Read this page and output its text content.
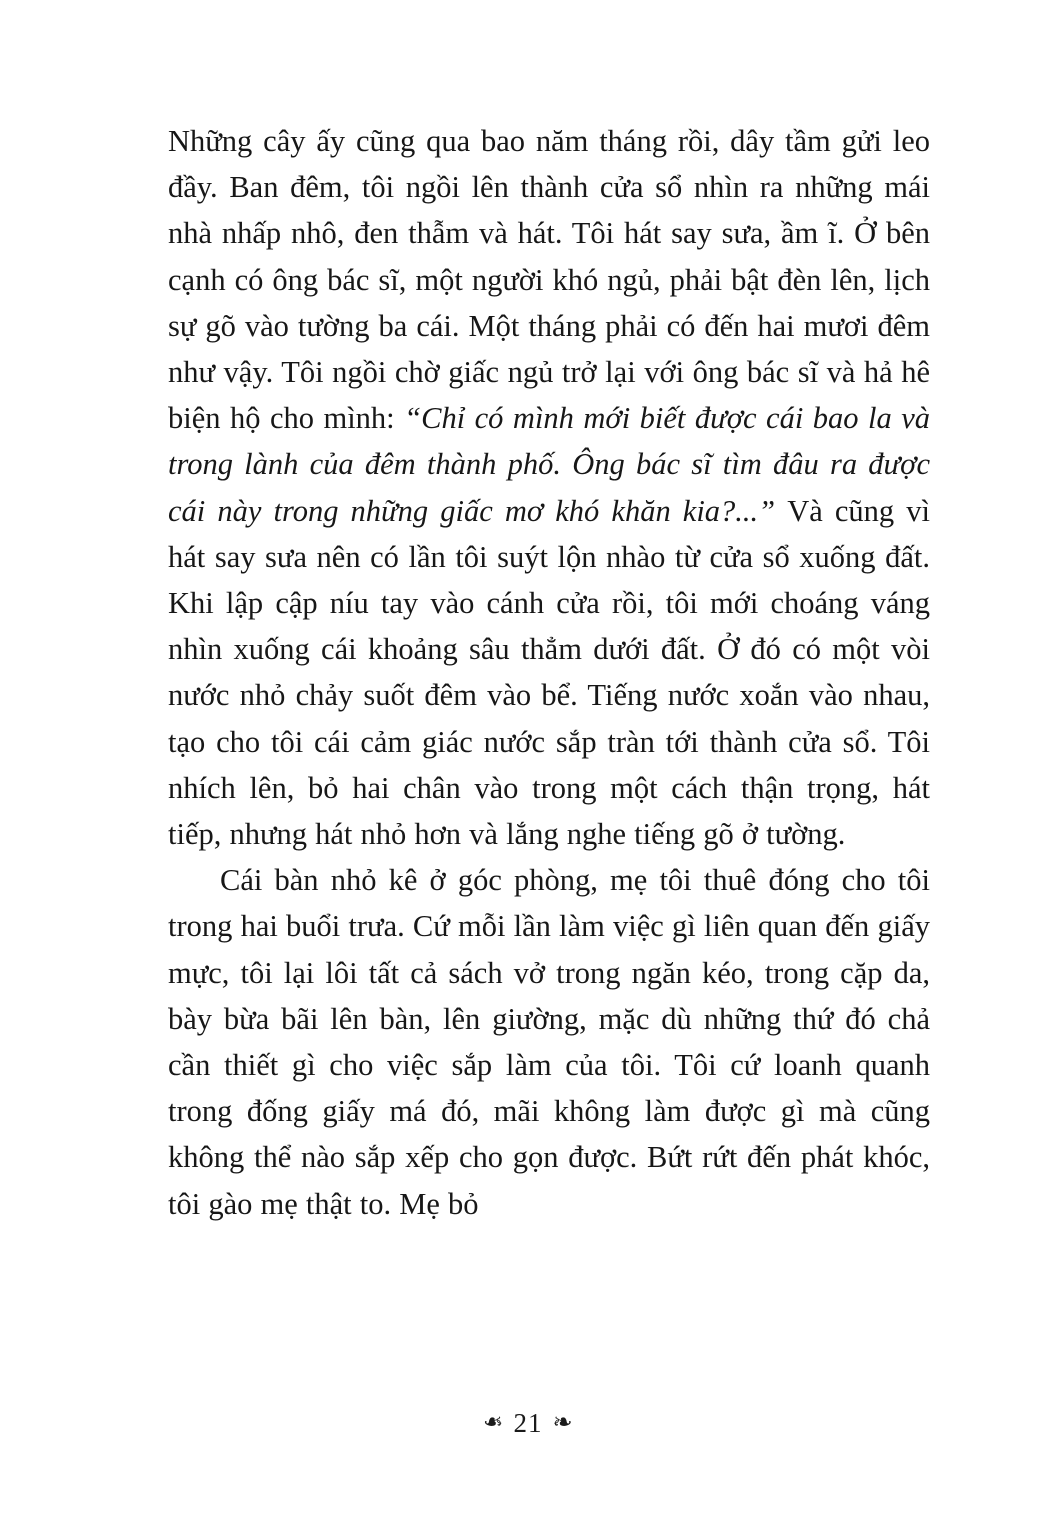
Những cây ấy cũng qua bao năm tháng rồi, dây tầm gửi leo đầy. Ban đêm, tôi ngồi lên thành cửa sổ nhìn ra những mái nhà nhấp nhô, đen thẫm và hát. Tôi hát say sưa, ầm ĩ. Ở bên cạnh có ông bác sĩ, một người khó ngủ, phải bật đèn lên, lịch sự gõ vào tường ba cái. Một tháng phải có đến hai mươi đêm như vậy. Tôi ngồi chờ giấc ngủ trở lại với ông bác sĩ và hả hê biện hộ cho mình: “Chỉ có mình mới biết được cái bao la và trong lành của đêm thành phố. Ông bác sĩ tìm đâu ra được cái này trong những giấc mơ khó khăn kia?...” Và cũng vì hát say sưa nên có lần tôi suýt lộn nhào từ cửa sổ xuống đất. Khi lập cập níu tay vào cánh cửa rồi, tôi mới choáng váng nhìn xuống cái khoảng sâu thẳm dưới đất. Ở đó có một vòi nước nhỏ chảy suốt đêm vào bể. Tiếng nước xoắn vào nhau, tạo cho tôi cái cảm giác nước sắp tràn tới thành cửa sổ. Tôi nhích lên, bỏ hai chân vào trong một cách thận trọng, hát tiếp, nhưng hát nhỏ hơn và lắng nghe tiếng gõ ở tường.

Cái bàn nhỏ kê ở góc phòng, mẹ tôi thuê đóng cho tôi trong hai buổi trưa. Cứ mỗi lần làm việc gì liên quan đến giấy mực, tôi lại lôi tất cả sách vở trong ngăn kéo, trong cặp da, bày bừa bãi lên bàn, lên giường, mặc dù những thứ đó chả cần thiết gì cho việc sắp làm của tôi. Tôi cứ loanh quanh trong đống giấy má đó, mãi không làm được gì mà cũng không thể nào sắp xếp cho gọn được. Bứt rứt đến phát khóc, tôi gào mẹ thật to. Mẹ bỏ

❧ 21 ❧
